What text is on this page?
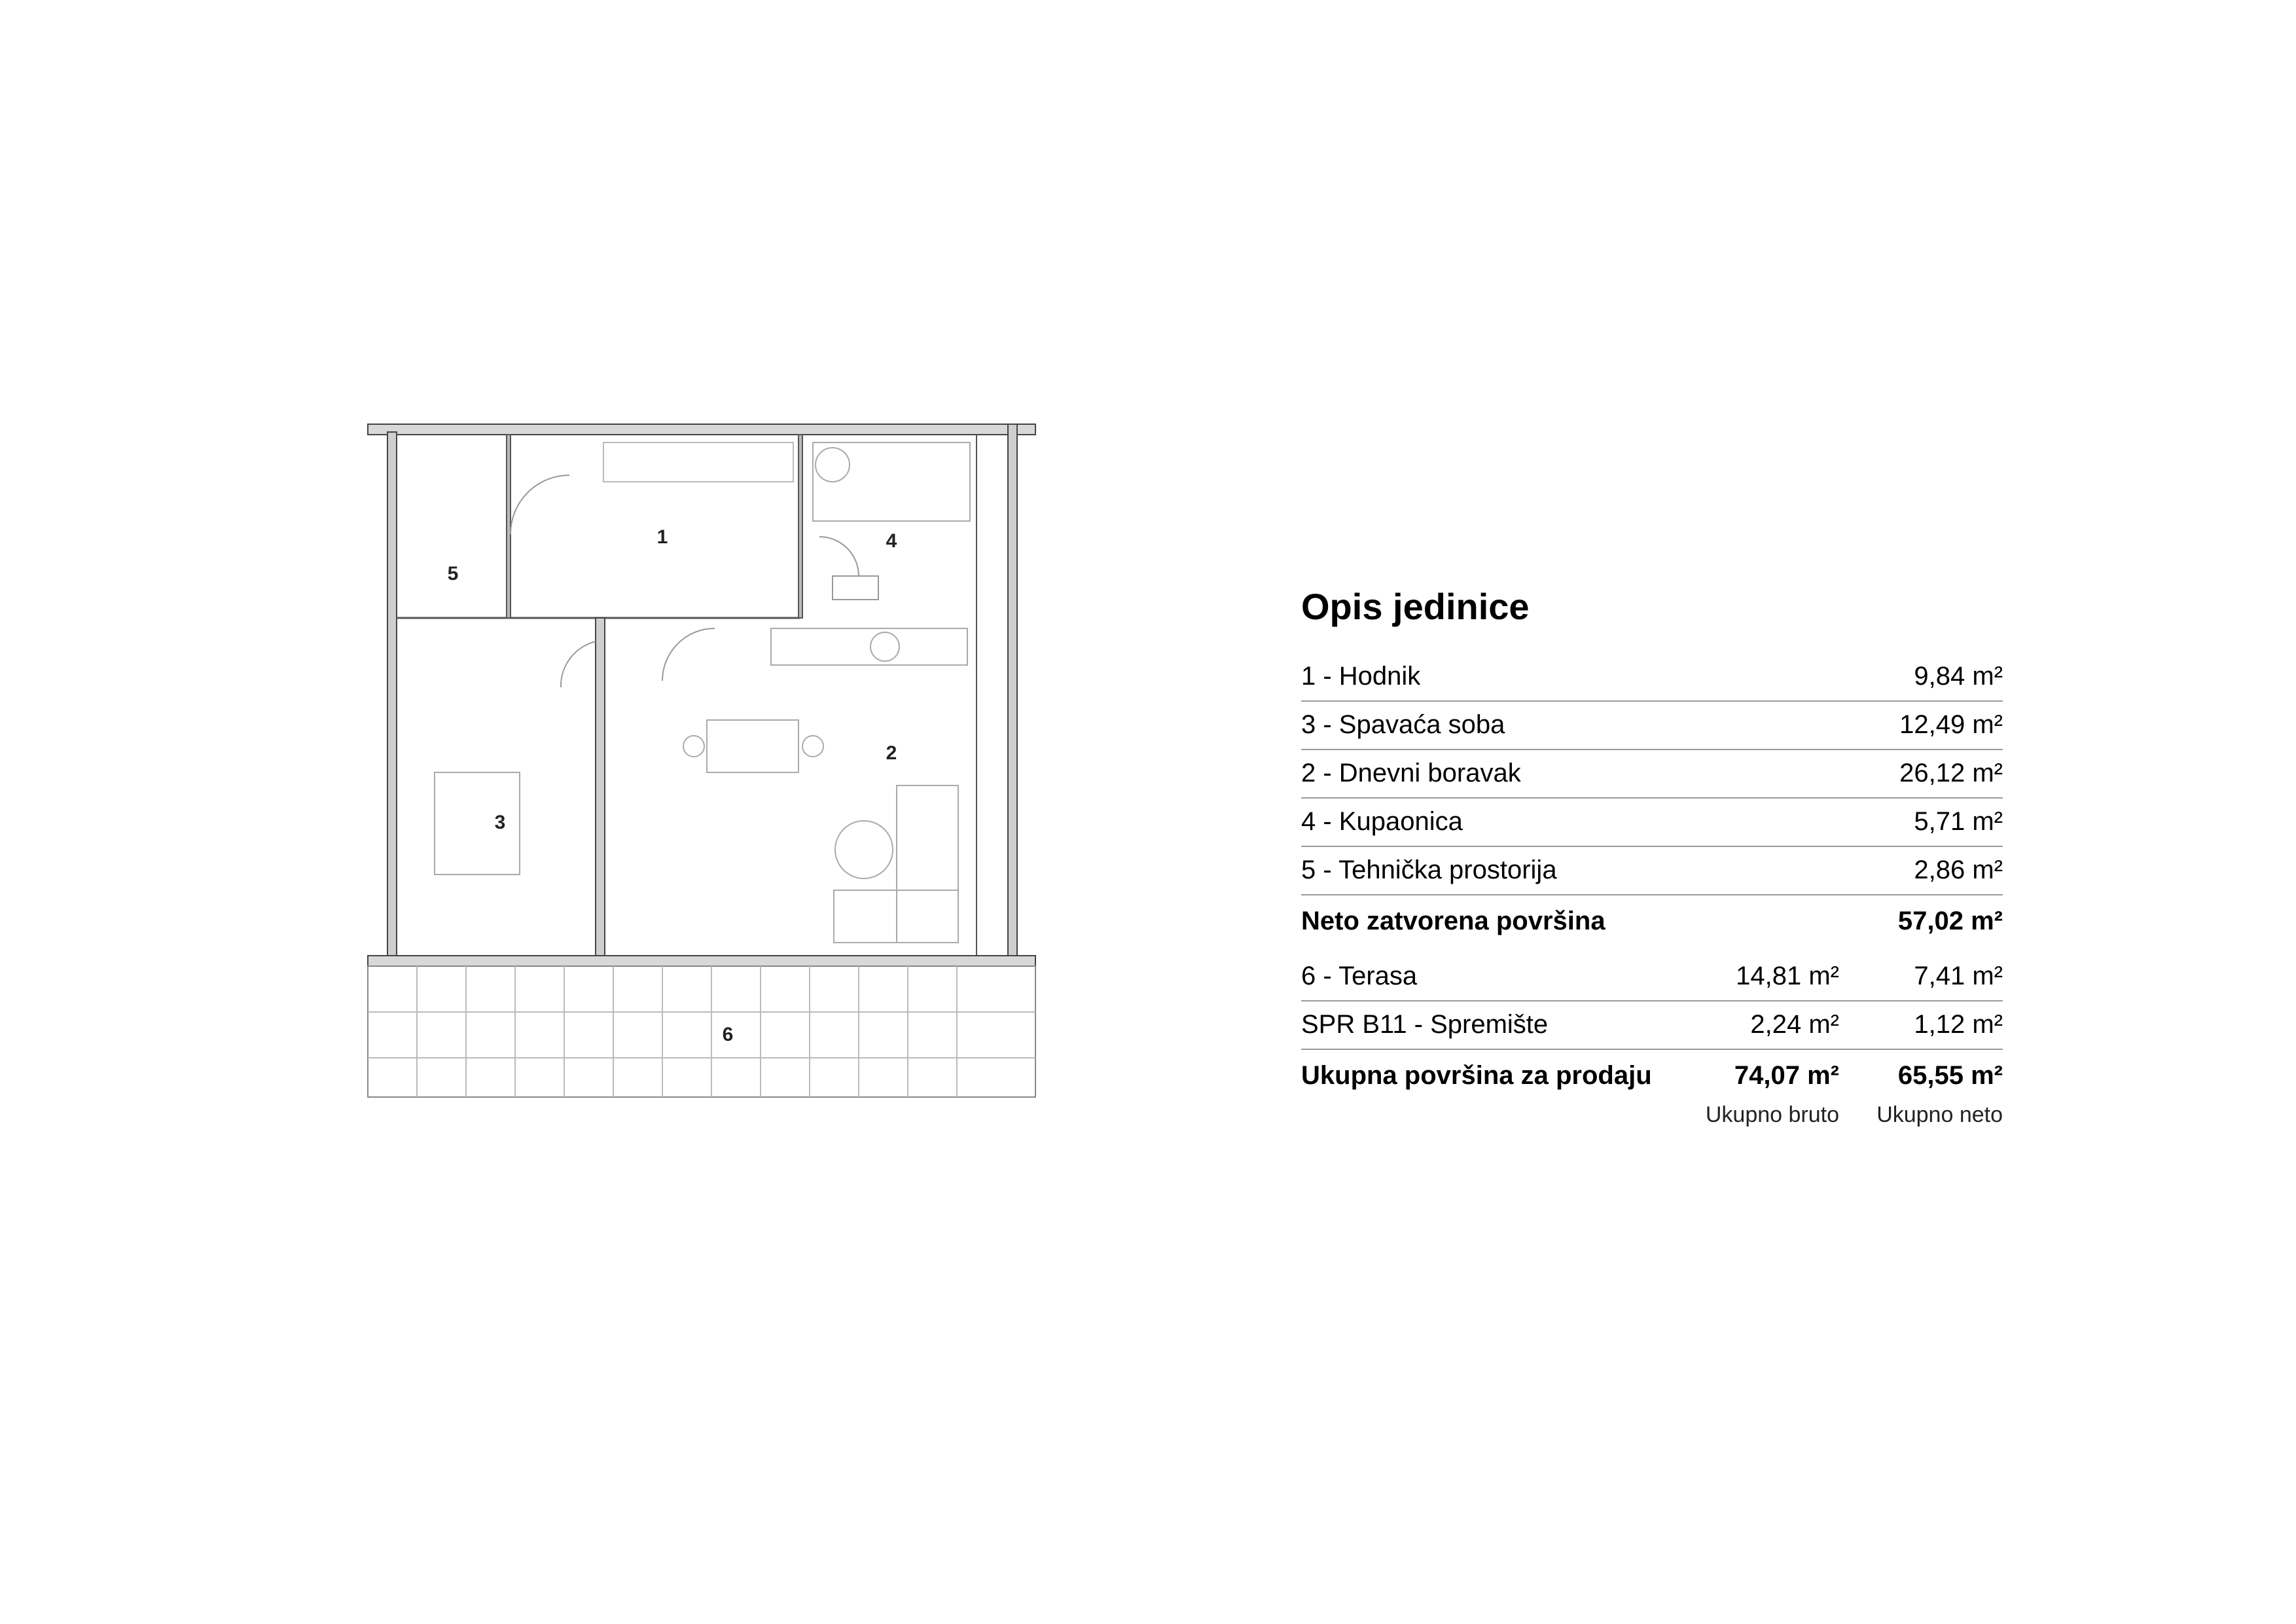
1
2
3
4
5
6
Opis jedinice
1 - Hodnik	9,84 m²
3 - Spavaća soba	12,49 m²
2 - Dnevni boravak	26,12 m²
4 - Kupaonica	5,71 m²
5 - Tehnička prostorija	2,86 m²
Neto zatvorena površina	57,02 m²
6 - Terasa	14,81 m²	7,41 m²
SPR B11 - Spremište	2,24 m²	1,12 m²
Ukupna površina za prodaju	74,07 m²	65,55 m²
Ukupno bruto	Ukupno neto
